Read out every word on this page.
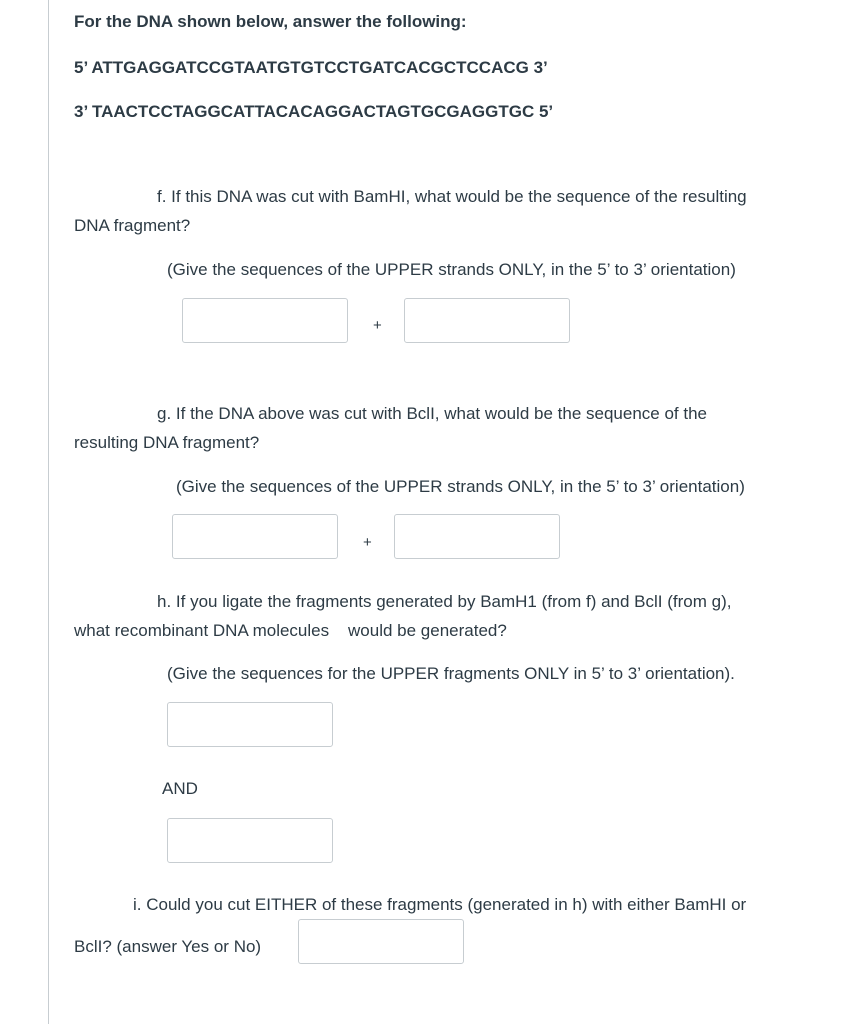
For the DNA shown below, answer the following:
5’ ATTGAGGATCCGTAATGTGTCCTGATCACGCTCCACG 3’
3’ TAACTCCTAGGCATTACACAGGACTAGTGCGAGGTGC 5’
f. If this DNA was cut with BamHI, what would be the sequence of the resulting
DNA fragment?
(Give the sequences of the UPPER strands ONLY, in the 5’ to 3’ orientation)
+
g. If the DNA above was cut with BclI, what would be the sequence of the
resulting DNA fragment?
(Give the sequences of the UPPER strands ONLY, in the 5’ to 3’ orientation)
+
h. If you ligate the fragments generated by BamH1 (from f) and BclI (from g),
what recombinant DNA molecules    would be generated?
(Give the sequences for the UPPER fragments ONLY in 5’ to 3’ orientation).
AND
i. Could you cut EITHER of these fragments (generated in h) with either BamHI or
BclI? (answer Yes or No)
